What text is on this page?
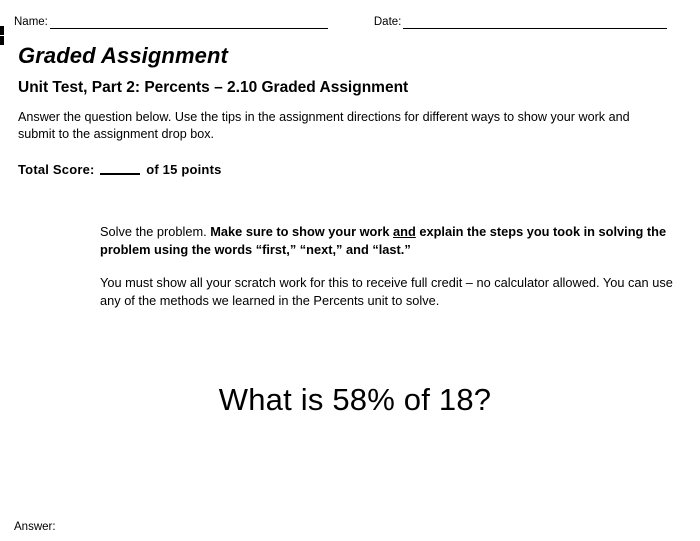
Name:	Date:
Graded Assignment
Unit Test, Part 2: Percents – 2.10 Graded Assignment
Answer the question below. Use the tips in the assignment directions for different ways to show your work and submit to the assignment drop box.
Total Score:	of 15 points
Solve the problem. Make sure to show your work and explain the steps you took in solving the problem using the words “first,” “next,” and “last.”
You must show all your scratch work for this to receive full credit – no calculator allowed. You can use any of the methods we learned in the Percents unit to solve.
What is 58% of 18?
Answer:
